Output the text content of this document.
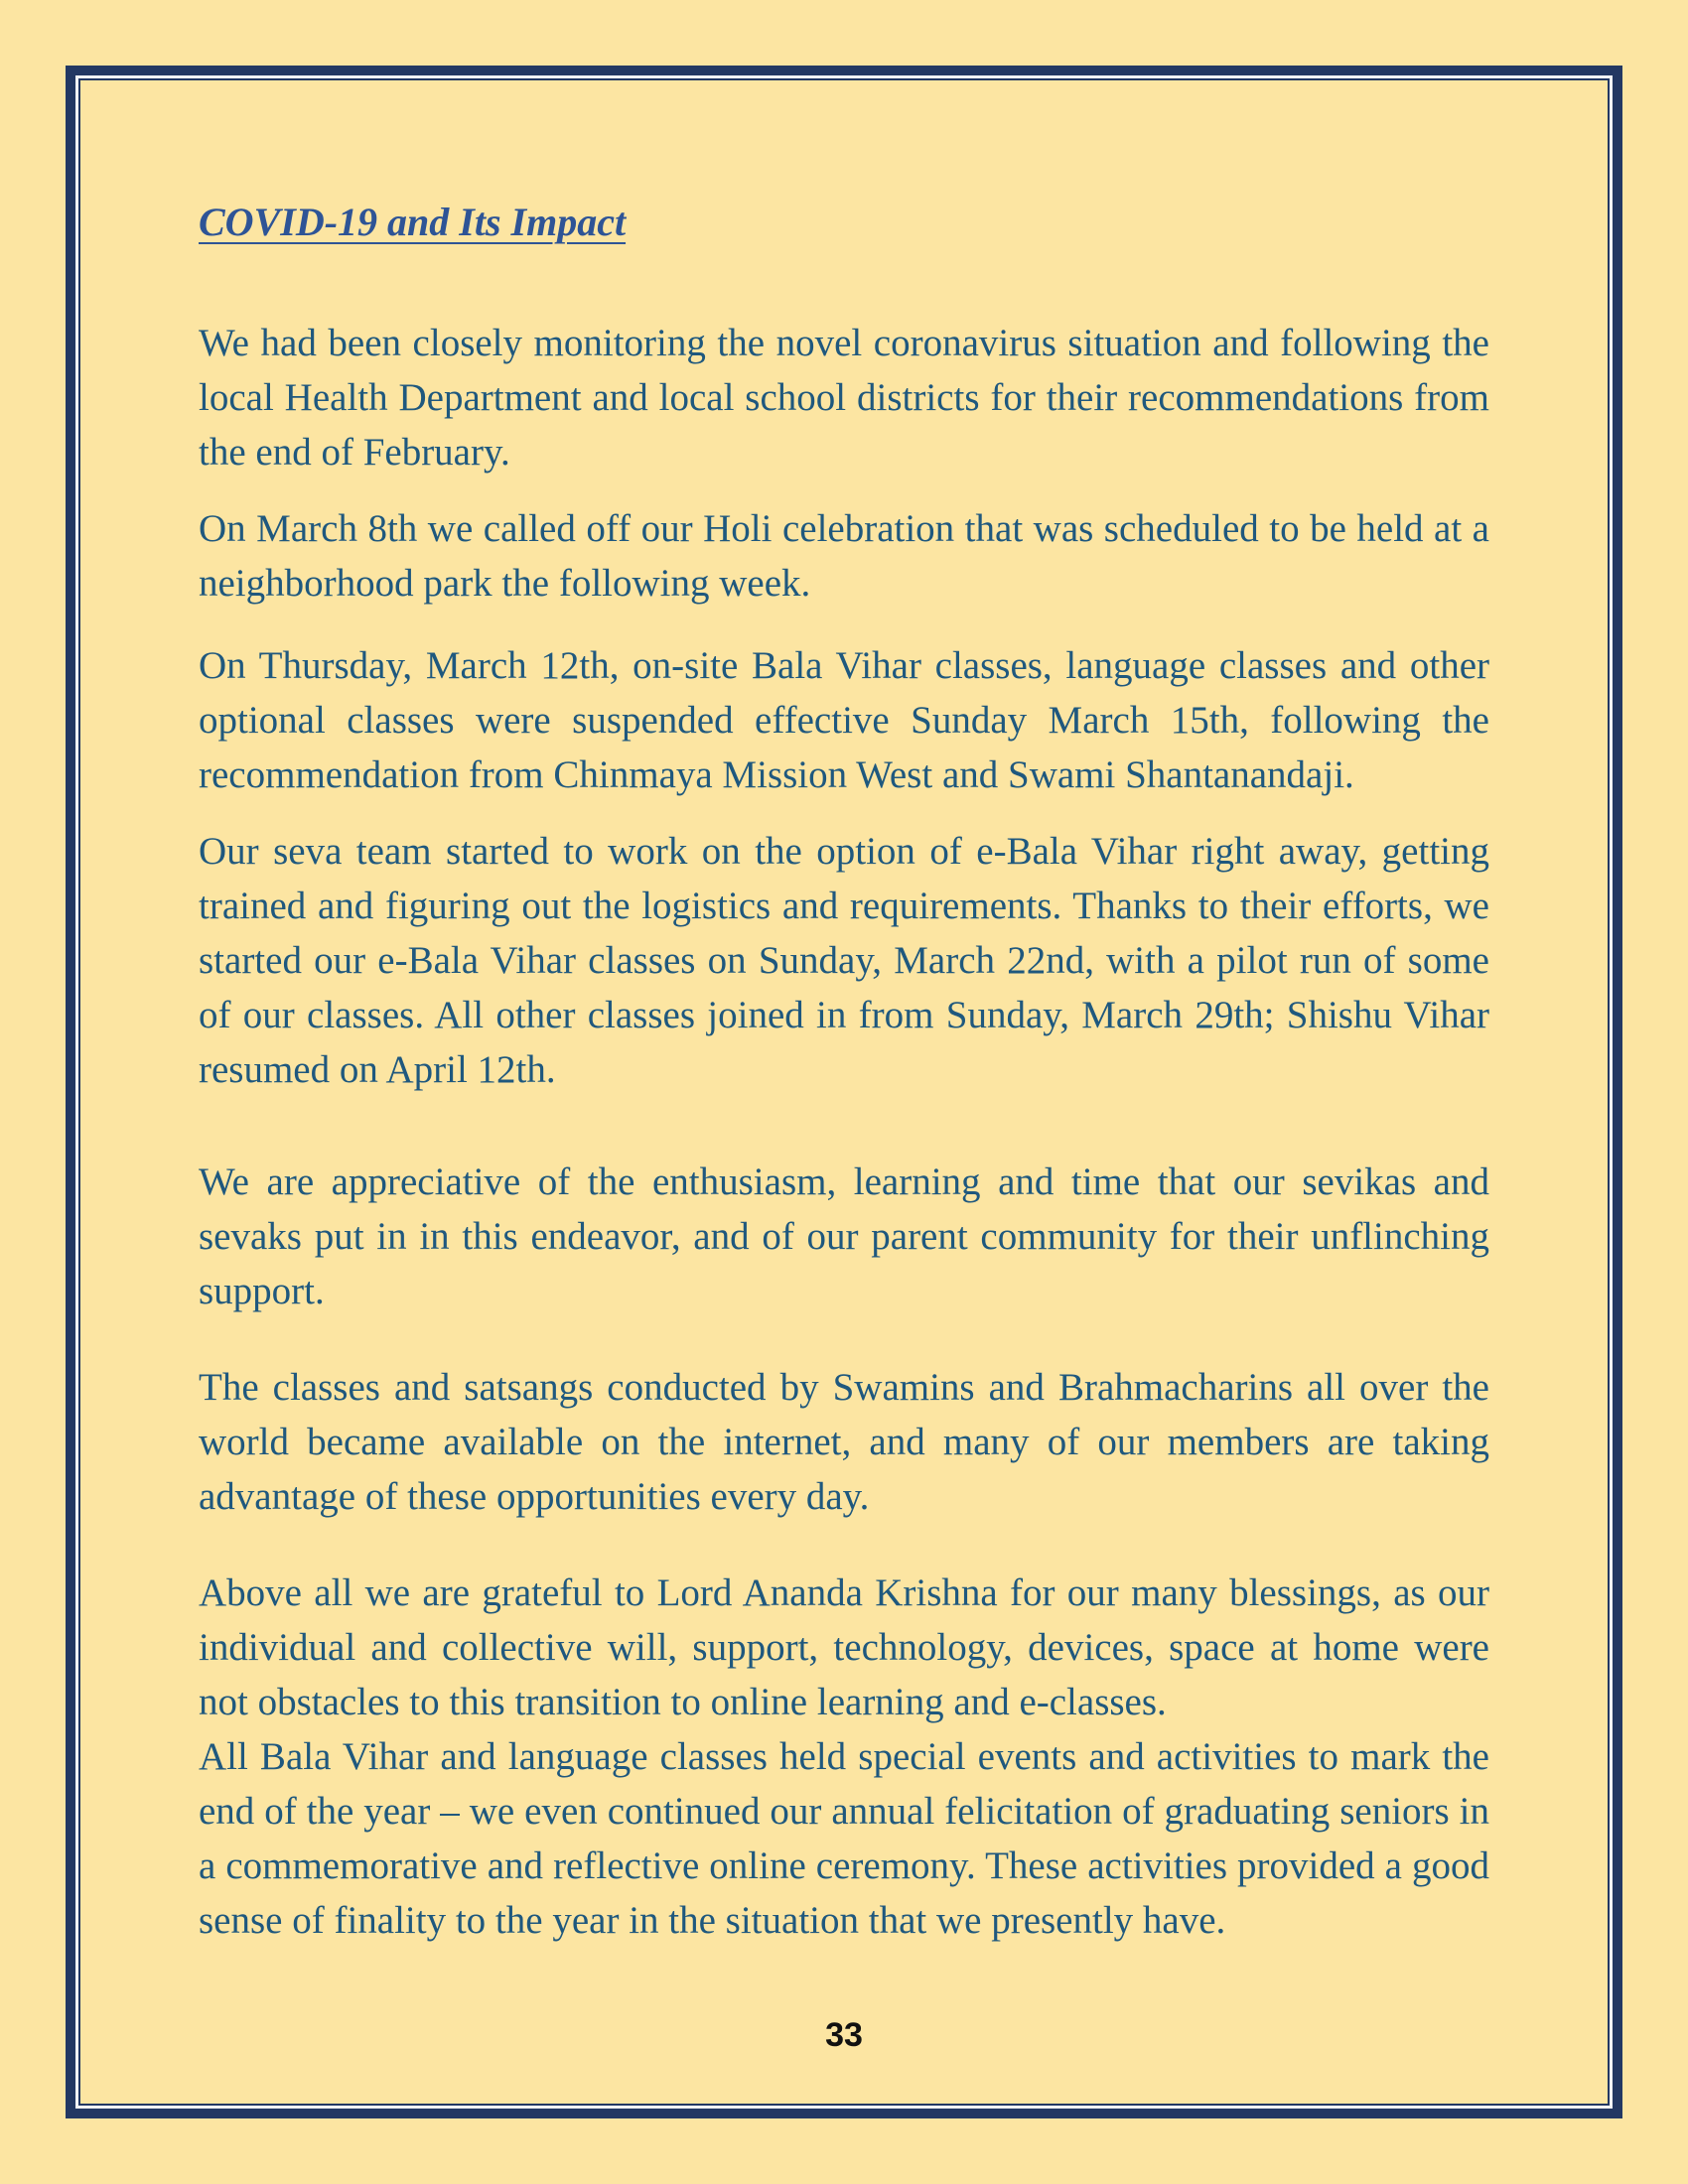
COVID-19 and Its Impact

We had been closely monitoring the novel coronavirus situation and following the local Health Department and local school districts for their recommendations from the end of February.

On March 8th we called off our Holi celebration that was scheduled to be held at a neighborhood park the following week.

On Thursday, March 12th, on-site Bala Vihar classes, language classes and other optional classes were suspended effective Sunday March 15th, following the recommendation from Chinmaya Mission West and Swami Shantanandaji.

Our seva team started to work on the option of e-Bala Vihar right away, getting trained and figuring out the logistics and requirements. Thanks to their efforts, we started our e-Bala Vihar classes on Sunday, March 22nd, with a pilot run of some of our classes. All other classes joined in from Sunday, March 29th; Shishu Vihar resumed on April 12th.

We are appreciative of the enthusiasm, learning and time that our sevikas and sevaks put in in this endeavor, and of our parent community for their unflinching support.

The classes and satsangs conducted by Swamins and Brahmacharins all over the world became available on the internet, and many of our members are taking advantage of these opportunities every day.

Above all we are grateful to Lord Ananda Krishna for our many blessings, as our individual and collective will, support, technology, devices, space at home were not obstacles to this transition to online learning and e-classes.

All Bala Vihar and language classes held special events and activities to mark the end of the year – we even continued our annual felicitation of graduating seniors in a commemorative and reflective online ceremony. These activities provided a good sense of finality to the year in the situation that we presently have.

33
